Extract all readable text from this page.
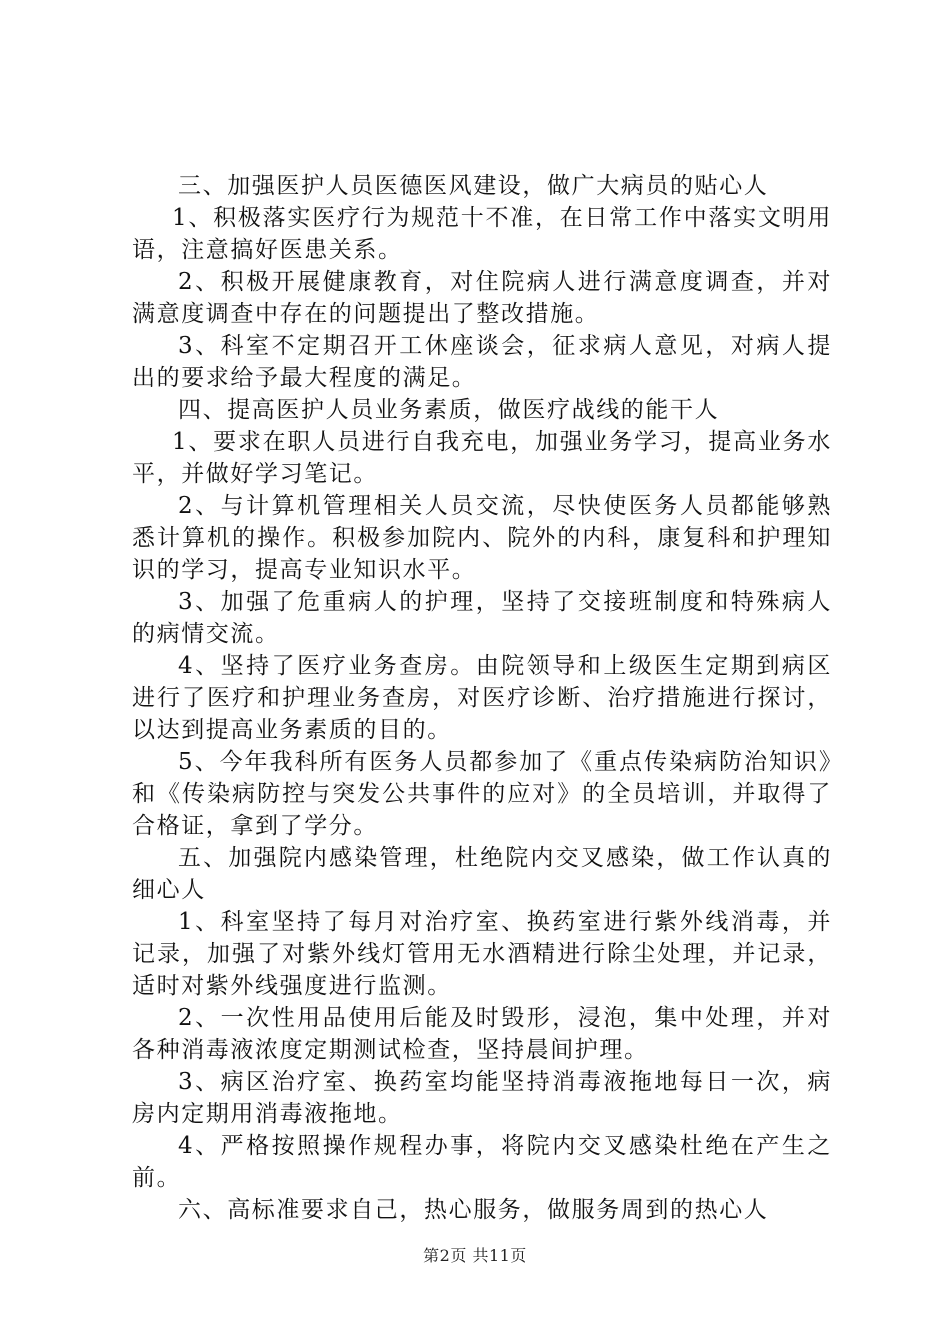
三、加强医护人员医德医风建设，做广大病员的贴心人

1、积极落实医疗行为规范十不准，在日常工作中落实文明用语，注意搞好医患关系。

2、积极开展健康教育，对住院病人进行满意度调查，并对满意度调查中存在的问题提出了整改措施。

3、科室不定期召开工休座谈会，征求病人意见，对病人提出的要求给予最大程度的满足。

四、提高医护人员业务素质，做医疗战线的能干人

1、要求在职人员进行自我充电，加强业务学习，提高业务水平，并做好学习笔记。

2、与计算机管理相关人员交流，尽快使医务人员都能够熟悉计算机的操作。积极参加院内、院外的内科，康复科和护理知识的学习，提高专业知识水平。

3、加强了危重病人的护理，坚持了交接班制度和特殊病人的病情交流。

4、坚持了医疗业务查房。由院领导和上级医生定期到病区进行了医疗和护理业务查房，对医疗诊断、治疗措施进行探讨，以达到提高业务素质的目的。

5、今年我科所有医务人员都参加了《重点传染病防治知识》和《传染病防控与突发公共事件的应对》的全员培训，并取得了合格证，拿到了学分。

五、加强院内感染管理，杜绝院内交叉感染，做工作认真的细心人

1、科室坚持了每月对治疗室、换药室进行紫外线消毒，并记录，加强了对紫外线灯管用无水酒精进行除尘处理，并记录，适时对紫外线强度进行监测。

2、一次性用品使用后能及时毁形，浸泡，集中处理，并对各种消毒液浓度定期测试检查，坚持晨间护理。

3、病区治疗室、换药室均能坚持消毒液拖地每日一次，病房内定期用消毒液拖地。

4、严格按照操作规程办事，将院内交叉感染杜绝在产生之前。

六、高标准要求自己，热心服务，做服务周到的热心人

第2页 共11页
